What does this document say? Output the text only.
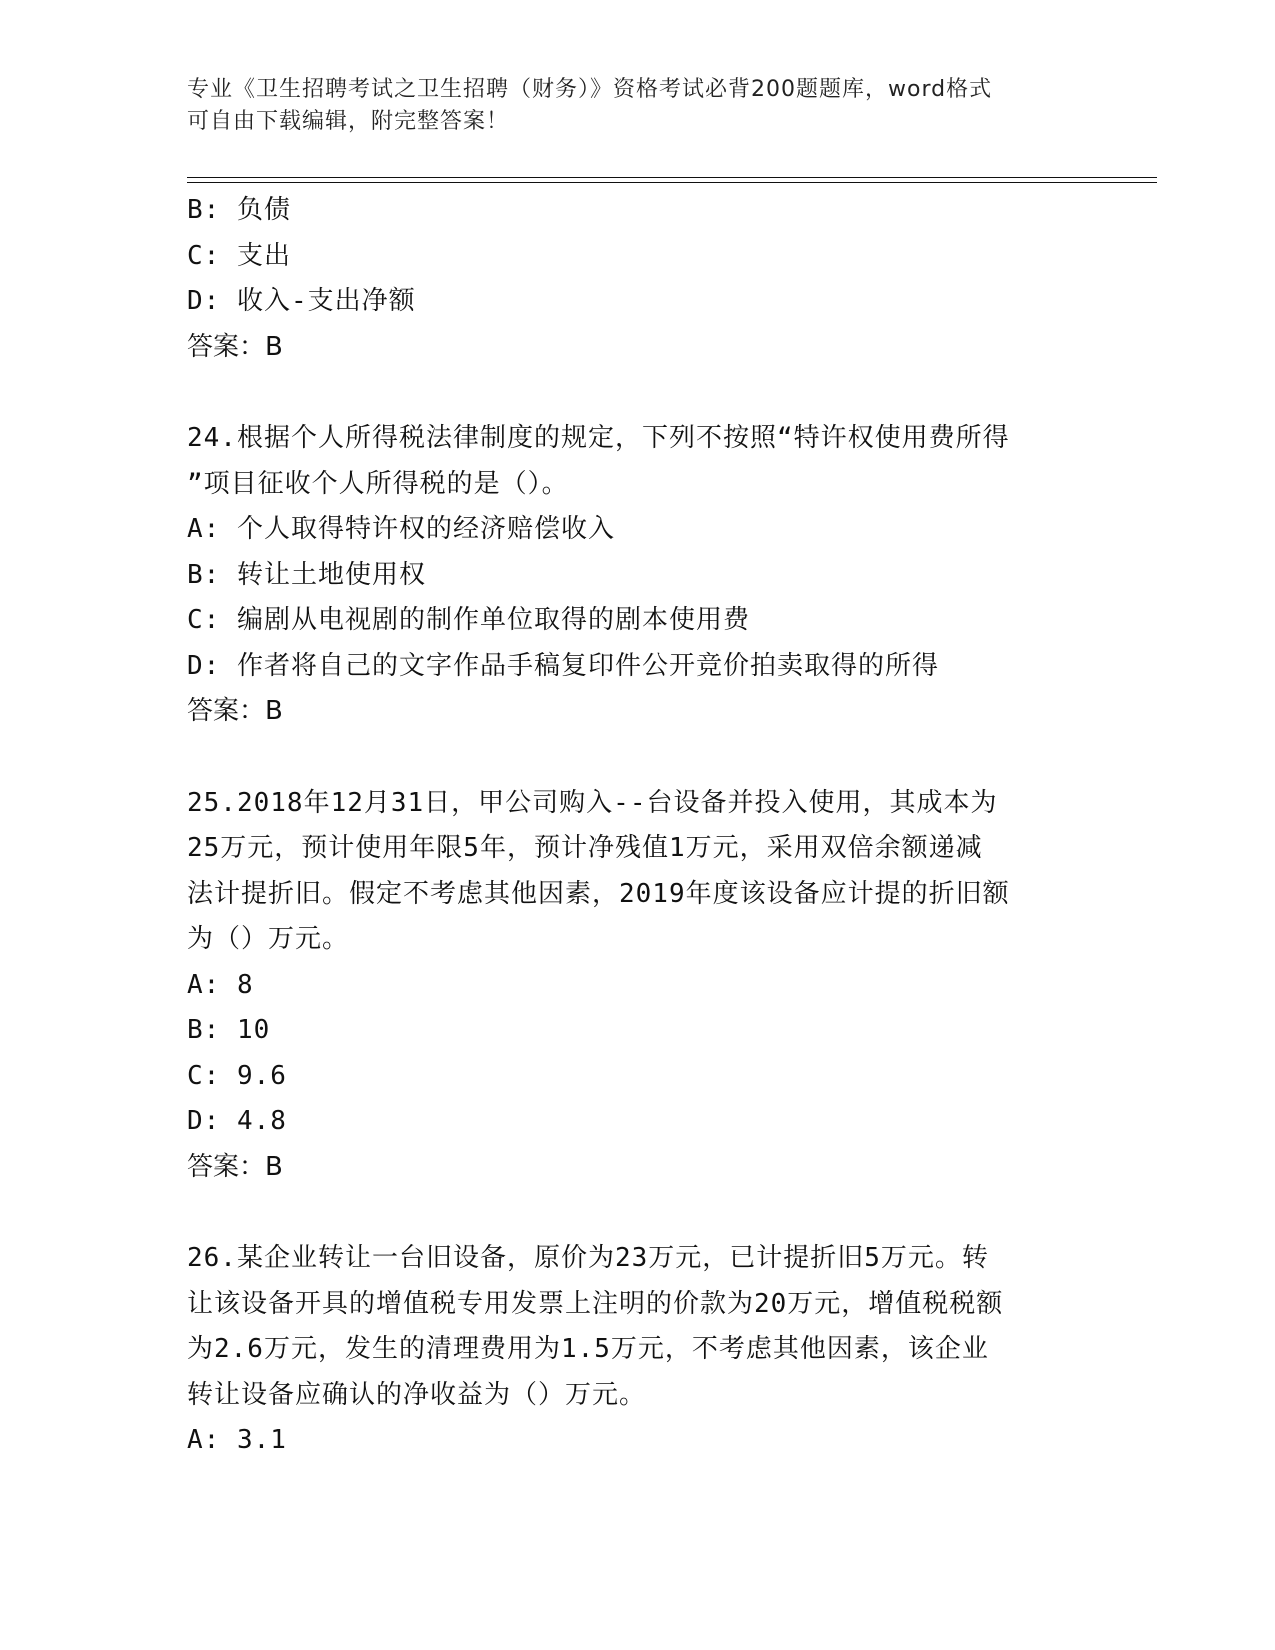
专业《卫生招聘考试之卫生招聘（财务）》资格考试必背200题题库，word格式
可自由下载编辑，附完整答案！
B: 负债
C: 支出
D: 收入-支出净额
答案：B
24.根据个人所得税法律制度的规定，下列不按照“特许权使用费所得
”项目征收个人所得税的是（）。
A: 个人取得特许权的经济赔偿收入
B: 转让土地使用权
C: 编剧从电视剧的制作单位取得的剧本使用费
D: 作者将自己的文字作品手稿复印件公开竞价拍卖取得的所得
答案：B
25.2018年12月31日，甲公司购入--台设备并投入使用，其成本为
25万元，预计使用年限5年，预计净残值1万元，采用双倍余额递减
法计提折旧。假定不考虑其他因素，2019年度该设备应计提的折旧额
为（）万元。
A: 8
B: 10
C: 9.6
D: 4.8
答案：B
26.某企业转让一台旧设备，原价为23万元，已计提折旧5万元。转
让该设备开具的增值税专用发票上注明的价款为20万元，增值税税额
为2.6万元，发生的清理费用为1.5万元，不考虑其他因素，该企业
转让设备应确认的净收益为（）万元。
A: 3.1
